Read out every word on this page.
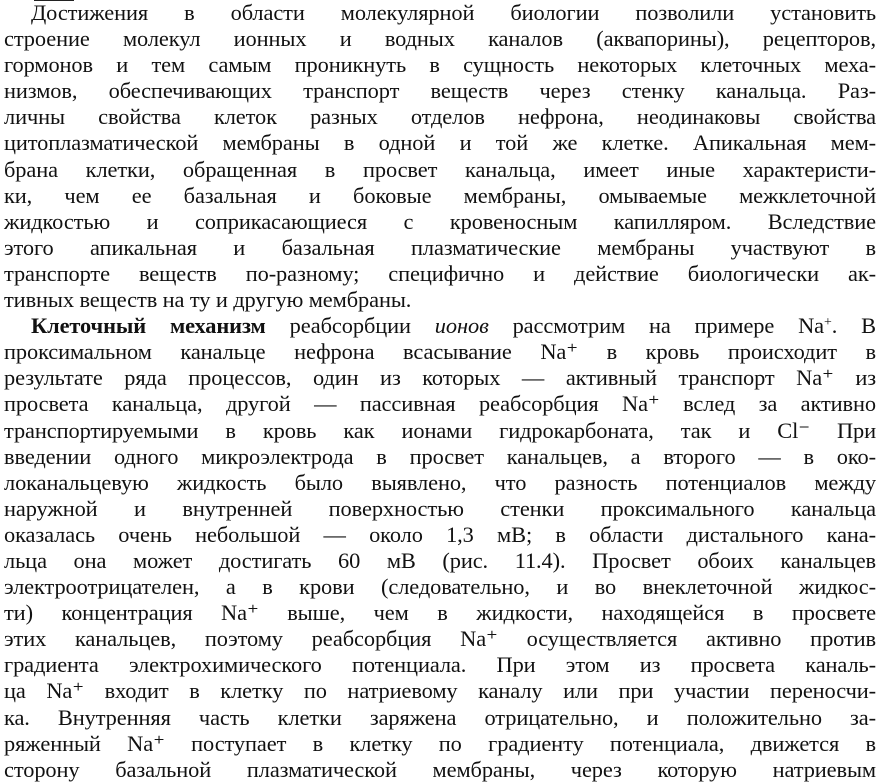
Достижения в области молекулярной биологии позволили установить
строение молекул ионных и водных каналов (аквапорины), рецепторов,
гормонов и тем самым проникнуть в сущность некоторых клеточных меха-
низмов, обеспечивающих транспорт веществ через стенку канальца. Раз-
личны свойства клеток разных отделов нефрона, неодинаковы свойства
цитоплазматической мембраны в одной и той же клетке. Апикальная мем-
брана клетки, обращенная в просвет канальца, имеет иные характеристи-
ки, чем ее базальная и боковые мембраны, омываемые межклеточной
жидкостью и соприкасающиеся с кровеносным капилляром. Вследствие
этого апикальная и базальная плазматические мембраны участвуют в
транспорте веществ по-разному; специфично и действие биологически ак-
тивных веществ на ту и другую мембраны.
Клеточный механизм реабсорбции ионов рассмотрим на примере Na+. В
проксимальном канальце нефрона всасывание Na⁺ в кровь происходит в
результате ряда процессов, один из которых — активный транспорт Na⁺ из
просвета канальца, другой — пассивная реабсорбция Na⁺ вслед за активно
транспортируемыми в кровь как ионами гидрокарбоната, так и Cl⁻ При
введении одного микроэлектрода в просвет канальцев, а второго — в око-
локанальцевую жидкость было выявлено, что разность потенциалов между
наружной и внутренней поверхностью стенки проксимального канальца
оказалась очень небольшой — около 1,3 мВ; в области дистального кана-
льца она может достигать 60 мВ (рис. 11.4). Просвет обоих канальцев
электроотрицателен, а в крови (следовательно, и во внеклеточной жидкос-
ти) концентрация Na⁺ выше, чем в жидкости, находящейся в просвете
этих канальцев, поэтому реабсорбция Na⁺ осуществляется активно против
градиента электрохимического потенциала. При этом из просвета каналь-
ца Na⁺ входит в клетку по натриевому каналу или при участии переносчи-
ка. Внутренняя часть клетки заряжена отрицательно, и положительно за-
ряженный Na⁺ поступает в клетку по градиенту потенциала, движется в
сторону базальной плазматической мембраны, через которую натриевым
